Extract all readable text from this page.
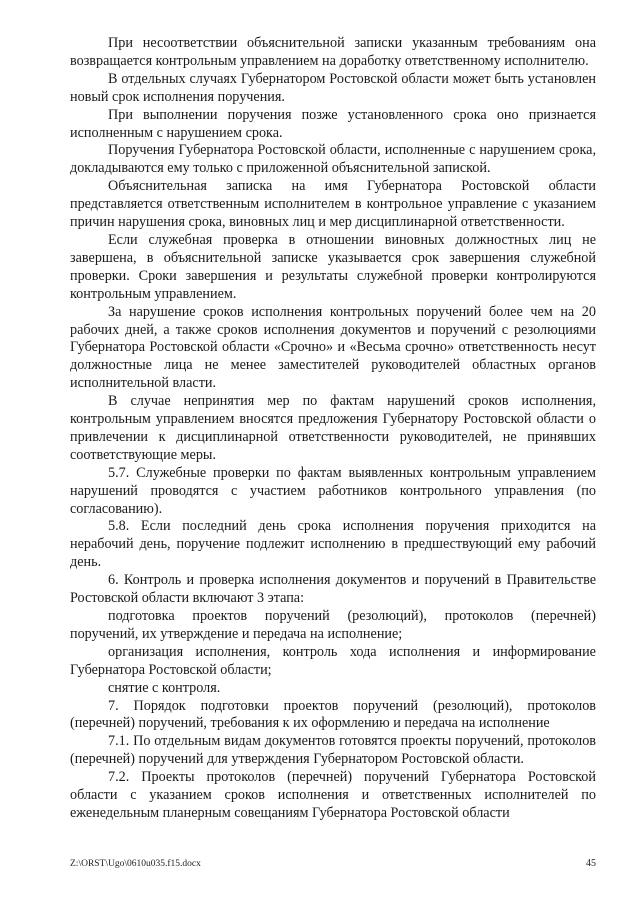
При несоответствии объяснительной записки указанным требованиям она возвращается контрольным управлением на доработку ответственному исполнителю.

В отдельных случаях Губернатором Ростовской области может быть установлен новый срок исполнения поручения.

При выполнении поручения позже установленного срока оно признается исполненным с нарушением срока.

Поручения Губернатора Ростовской области, исполненные с нарушением срока, докладываются ему только с приложенной объяснительной запиской.

Объяснительная записка на имя Губернатора Ростовской области представляется ответственным исполнителем в контрольное управление с указанием причин нарушения срока, виновных лиц и мер дисциплинарной ответственности.

Если служебная проверка в отношении виновных должностных лиц не завершена, в объяснительной записке указывается срок завершения служебной проверки. Сроки завершения и результаты служебной проверки контролируются контрольным управлением.

За нарушение сроков исполнения контрольных поручений более чем на 20 рабочих дней, а также сроков исполнения документов и поручений с резолюциями Губернатора Ростовской области «Срочно» и «Весьма срочно» ответственность несут должностные лица не менее заместителей руководителей областных органов исполнительной власти.

В случае непринятия мер по фактам нарушений сроков исполнения, контрольным управлением вносятся предложения Губернатору Ростовской области о привлечении к дисциплинарной ответственности руководителей, не принявших соответствующие меры.

5.7. Служебные проверки по фактам выявленных контрольным управлением нарушений проводятся с участием работников контрольного управления (по согласованию).

5.8. Если последний день срока исполнения поручения приходится на нерабочий день, поручение подлежит исполнению в предшествующий ему рабочий день.

6. Контроль и проверка исполнения документов и поручений в Правительстве Ростовской области включают 3 этапа:

подготовка проектов поручений (резолюций), протоколов (перечней) поручений, их утверждение и передача на исполнение;

организация исполнения, контроль хода исполнения и информирование Губернатора Ростовской области;

снятие с контроля.

7. Порядок подготовки проектов поручений (резолюций), протоколов (перечней) поручений, требования к их оформлению и передача на исполнение

7.1. По отдельным видам документов готовятся проекты поручений, протоколов (перечней) поручений для утверждения Губернатором Ростовской области.

7.2. Проекты протоколов (перечней) поручений Губернатора Ростовской области с указанием сроков исполнения и ответственных исполнителей по еженедельным планерным совещаниям Губернатора Ростовской области

Z:\ORST\Ugo\0610u035.f15.docx	45
